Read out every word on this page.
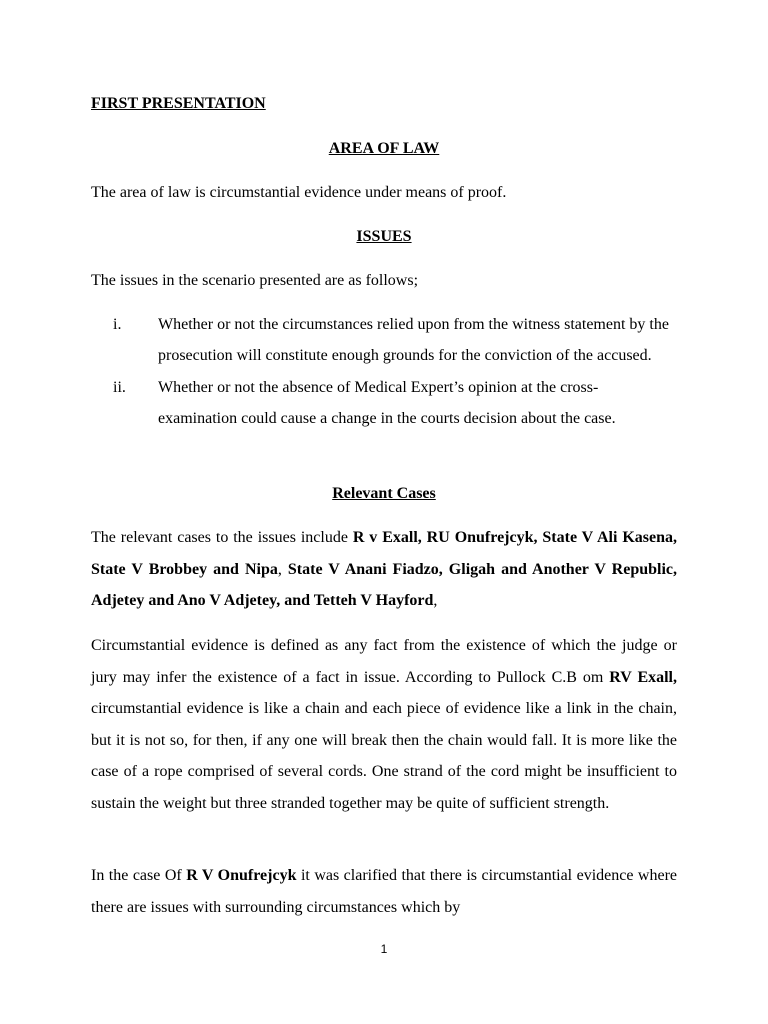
FIRST PRESENTATION
AREA OF LAW
The area of law is circumstantial evidence under means of proof.
ISSUES
The issues in the scenario presented are as follows;
i. Whether or not the circumstances relied upon from the witness statement by the prosecution will constitute enough grounds for the conviction of the accused.
ii. Whether or not the absence of Medical Expert’s opinion at the cross-examination could cause a change in the courts decision about the case.
Relevant Cases
The relevant cases to the issues include R v Exall, RU Onufrejcyk, State V Ali Kasena, State V Brobbey and Nipa, State V Anani Fiadzo, Gligah and Another V Republic, Adjetey and Ano V Adjetey, and Tetteh V Hayford,
Circumstantial evidence is defined as any fact from the existence of which the judge or jury may infer the existence of a fact in issue. According to Pullock C.B om RV Exall, circumstantial evidence is like a chain and each piece of evidence like a link in the chain, but it is not so, for then, if any one will break then the chain would fall. It is more like the case of a rope comprised of several cords. One strand of the cord might be insufficient to sustain the weight but three stranded together may be quite of sufficient strength.
In the case Of R V Onufrejcyk it was clarified that there is circumstantial evidence where there are issues with surrounding circumstances which by
1
